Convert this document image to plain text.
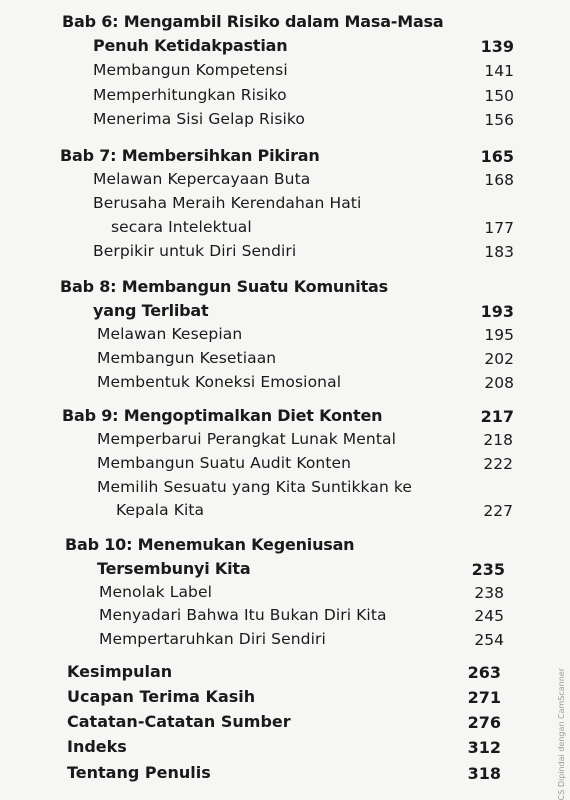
Bab 6: Mengambil Risiko dalam Masa-Masa
Penuh Ketidakpastian	139
Membangun Kompetensi	141
Memperhitungkan Risiko	150
Menerima Sisi Gelap Risiko	156
Bab 7: Membersihkan Pikiran	165
Melawan Kepercayaan Buta	168
Berusaha Meraih Kerendahan Hati
secara Intelektual	177
Berpikir untuk Diri Sendiri	183
Bab 8: Membangun Suatu Komunitas
yang Terlibat	193
Melawan Kesepian	195
Membangun Kesetiaan	202
Membentuk Koneksi Emosional	208
Bab 9: Mengoptimalkan Diet Konten	217
Memperbarui Perangkat Lunak Mental	218
Membangun Suatu Audit Konten	222
Memilih Sesuatu yang Kita Suntikkan ke
Kepala Kita	227
Bab 10: Menemukan Kegeniusan
Tersembunyi Kita	235
Menolak Label	238
Menyadari Bahwa Itu Bukan Diri Kita	245
Mempertaruhkan Diri Sendiri	254
Kesimpulan	263
Ucapan Terima Kasih	271
Catatan-Catatan Sumber	276
Indeks	312
Tentang Penulis	318	CS Dipindai dengan CamScanner
